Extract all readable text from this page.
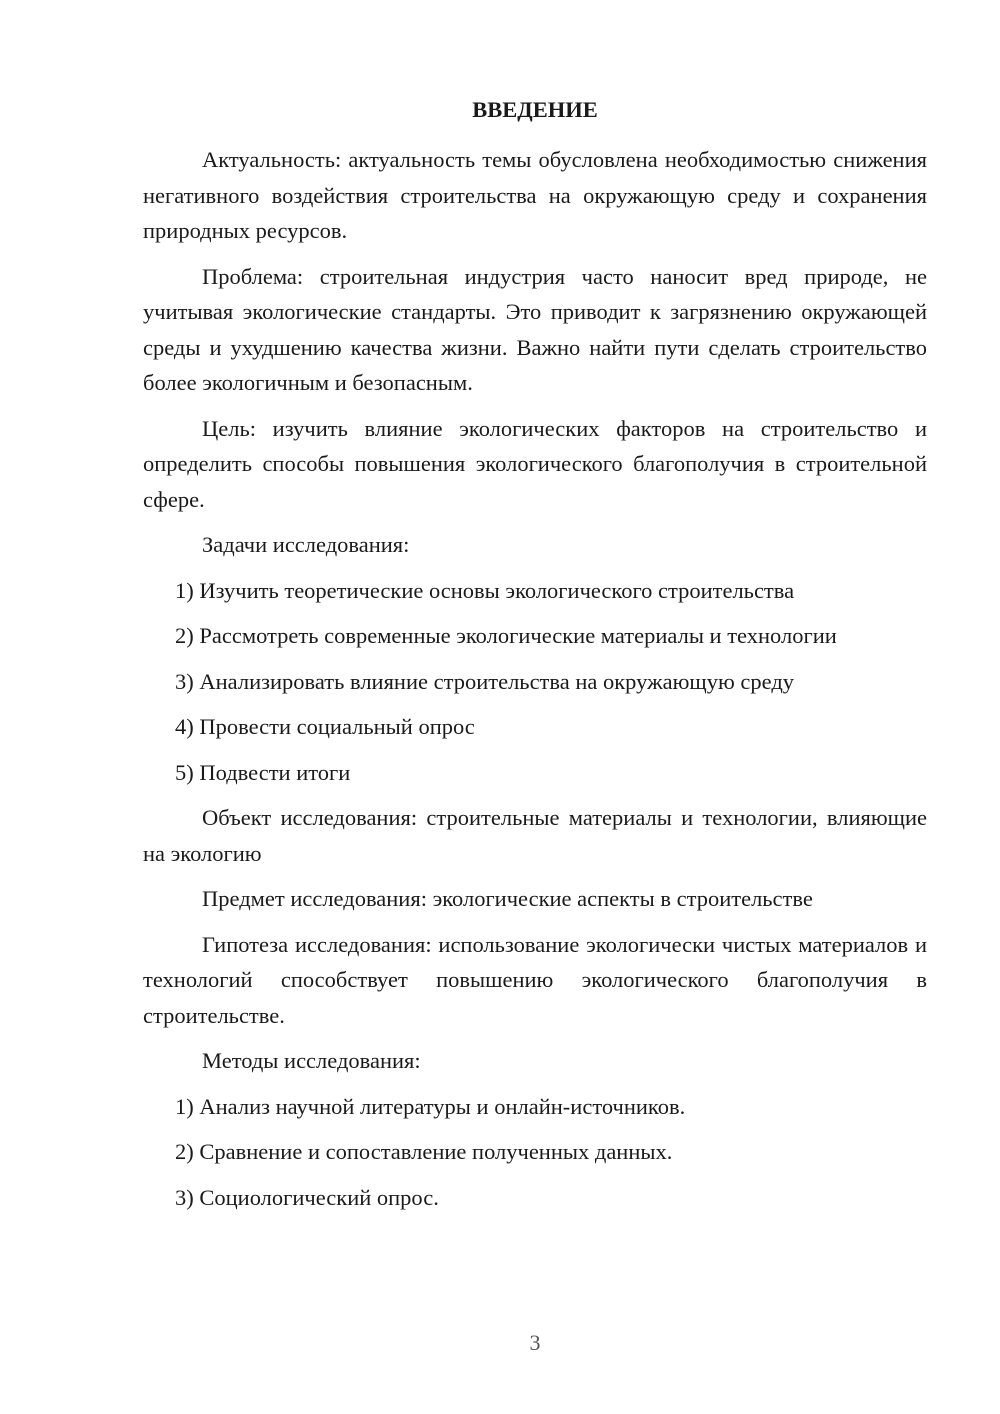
ВВЕДЕНИЕ

Актуальность: актуальность темы обусловлена необходимостью снижения негативного воздействия строительства на окружающую среду и сохранения природных ресурсов.

Проблема: строительная индустрия часто наносит вред природе, не учитывая экологические стандарты. Это приводит к загрязнению окружающей среды и ухудшению качества жизни. Важно найти пути сделать строительство более экологичным и безопасным.

Цель: изучить влияние экологических факторов на строительство и определить способы повышения экологического благополучия в строительной сфере.

Задачи исследования:

1) Изучить теоретические основы экологического строительства
2) Рассмотреть современные экологические материалы и технологии
3) Анализировать влияние строительства на окружающую среду
4) Провести социальный опрос
5) Подвести итоги

Объект исследования: строительные материалы и технологии, влияющие на экологию

Предмет исследования: экологические аспекты в строительстве

Гипотеза исследования: использование экологически чистых материалов и технологий способствует повышению экологического благополучия в строительстве.

Методы исследования:

1) Анализ научной литературы и онлайн-источников.
2) Сравнение и сопоставление полученных данных.
3) Социологический опрос.
3
